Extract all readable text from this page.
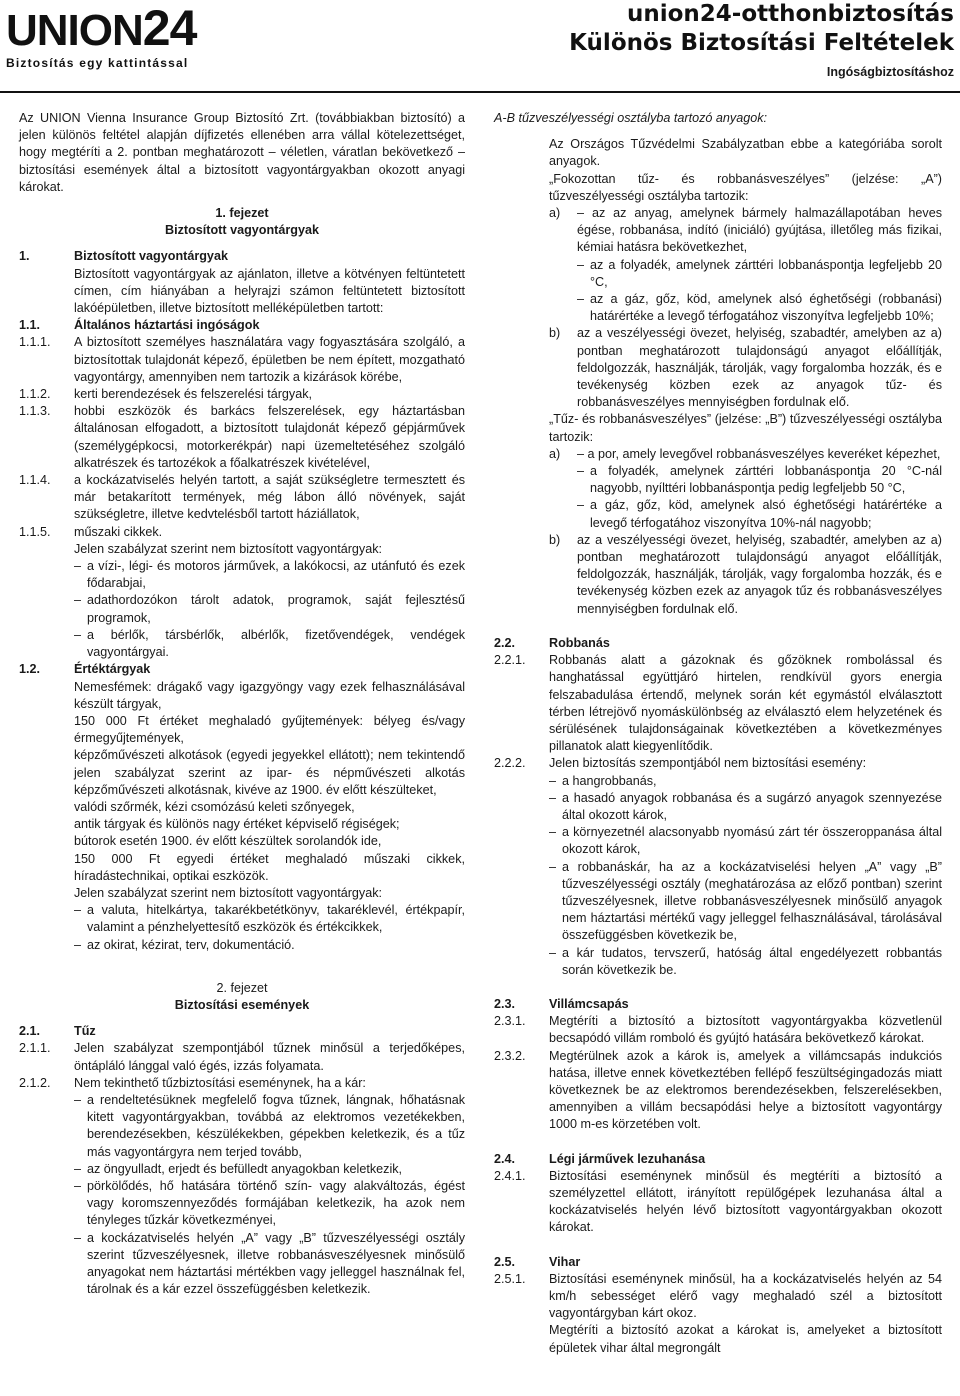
UNION24
Biztosítás egy kattintással
union24-otthonbiztosítás
Különös Biztosítási Feltételek
Ingóságbiztosításhoz

Az UNION Vienna Insurance Group Biztosító Zrt. (továbbiakban biztosító) a jelen különös feltétel alapján díjfizetés ellenében arra vállal kötelezettséget, hogy megtéríti a 2. pontban meghatározott – véletlen, váratlan bekövetkező – biztosítási események által a biztosított vagyontárgyakban okozott anyagi károkat.

1. fejezet

Biztosított vagyontárgyak

1.	Biztosított vagyontárgyak

Biztosított vagyontárgyak az ajánlaton, illetve a kötvényen feltüntetett címen, cím hiányában a helyrajzi számon feltüntetett biztosított lakóépületben, illetve biztosított melléképületben tartott:

1.1.	Általános háztartási ingóságok
1.1.1.	A biztosított személyes használatára vagy fogyasztására szolgáló, a biztosítottak tulajdonát képező, épületben be nem épített, mozgatható vagyontárgy, amennyiben nem tartozik a kizárások körébe,
1.1.2.	kerti berendezések és felszerelési tárgyak,
1.1.3.	hobbi eszközök és barkács felszerelések, egy háztartásban általánosan elfogadott, a biztosított tulajdonát képező gépjárművek (személygépkocsi, motorkerékpár) napi üzemeltetéséhez szolgáló alkatrészek és tartozékok a főalkatrészek kivételével,
1.1.4.	a kockázatviselés helyén tartott, a saját szükségletre termesztett és már betakarított termények, még lábon álló növények, saját szükségletre, illetve kedvtelésből tartott háziállatok,
1.1.5.	műszaki cikkek.

Jelen szabályzat szerint nem biztosított vagyontárgyak:

– a vízi-, légi- és motoros járművek, a lakókocsi, az utánfutó és ezek fődarabjai,
– adathordozókon tárolt adatok, programok, saját fejlesztésű programok,
– a bérlők, társbérlők, albérlők, fizetővendégek, vendégek vagyontárgyai.
1.2.	Értéktárgyak

Nemesfémek: drágakő vagy igazgyöngy vagy ezek felhasználásával készült tárgyak,

150 000 Ft értéket meghaladó gyűjtemények: bélyeg és/vagy érmegyűjtemények,

képzőművészeti alkotások (egyedi jegyekkel ellátott); nem tekintendő jelen szabályzat szerint az ipar- és népművészeti alkotás képzőművészeti alkotásnak, kivéve az 1900. év előtt készülteket,

valódi szőrmék, kézi csomózású keleti szőnyegek,

antik tárgyak és különös nagy értéket képviselő régiségek;

bútorok esetén 1900. év előtt készültek sorolandók ide,

150 000 Ft egyedi értéket meghaladó műszaki cikkek, híradástechnikai, optikai eszközök.

Jelen szabályzat szerint nem biztosított vagyontárgyak:

– a valuta, hitelkártya, takarékbetétkönyv, takaréklevél, értékpapír, valamint a pénzhelyettesítő eszközök és értékcikkek,
– az okirat, kézirat, terv, dokumentáció.

2. fejezet

Biztosítási események

2.1.	Tűz
2.1.1.	Jelen szabályzat szempontjából tűznek minősül a terjedőképes, öntápláló lánggal való égés, izzás folyamata.
2.1.2.	Nem tekinthető tűzbiztosítási eseménynek, ha a kár:
– a rendeltetésüknek megfelelő fogva tűznek, lángnak, hőhatásnak kitett vagyontárgyakban, továbbá az elektromos vezetékekben, berendezésekben, készülékekben, gépekben keletkezik, és a tűz más vagyontárgyra nem terjed tovább,
– az öngyulladt, erjedt és befülledt anyagokban keletkezik,
– pörkölődés, hő hatására történő szín- vagy alakváltozás, égést vagy koromszennyeződés formájában keletkezik, ha azok nem tényleges tűzkár következményei,
– a kockázatviselés helyén „A” vagy „B” tűzveszélyességi osztály szerint tűzveszélyesnek, illetve robbanásveszélyesnek minősülő anyagokat nem háztartási mértékben vagy jelleggel használnak fel, tárolnak és a kár ezzel összefüggésben keletkezik.

A-B tűzveszélyességi osztályba tartozó anyagok:

Az Országos Tűzvédelmi Szabályzatban ebbe a kategóriába sorolt anyagok.

„Fokozottan tűz- és robbanásveszélyes” (jelzése: „A”) tűzveszélyességi osztályba tartozik:

a)	– az az anyag, amelynek bármely halmazállapotában heves égése, robbanása, indító (iniciáló) gyújtása, illetőleg más fizikai, kémiai hatásra bekövetkezhet,
– az a folyadék, amelynek zárttéri lobbanáspontja legfeljebb 20 °C,
– az a gáz, gőz, köd, amelynek alsó éghetőségi (robbanási) határértéke a levegő térfogatához viszonyítva legfeljebb 10%;
b)	az a veszélyességi övezet, helyiség, szabadtér, amelyben az a) pontban meghatározott tulajdonságú anyagot előállítják, feldolgozzák, használják, tárolják, vagy forgalomba hozzák, és e tevékenység közben ezek az anyagok tűz- és robbanásveszélyes mennyiségben fordulnak elő.

„Tűz- és robbanásveszélyes” (jelzése: „B”) tűzveszélyességi osztályba tartozik:

a)	– a por, amely levegővel robbanásveszélyes keveréket képezhet,
– a folyadék, amelynek zárttéri lobbanáspontja 20 °C-nál nagyobb, nyílttéri lobbanáspontja pedig legfeljebb 50 °C,
– a gáz, gőz, köd, amelynek alsó éghetőségi határértéke a levegő térfogatához viszonyítva 10%-nál nagyobb;
b)	az a veszélyességi övezet, helyiség, szabadtér, amelyben az a) pontban meghatározott tulajdonságú anyagot előállítják, feldolgozzák, használják, tárolják, vagy forgalomba hozzák, és e tevékenység közben ezek az anyagok tűz és robbanásveszélyes mennyiségben fordulnak elő.
2.2.	Robbanás
2.2.1.	Robbanás alatt a gázoknak és gőzöknek rombolással és hanghatással együttjáró hirtelen, rendkívül gyors energia felszabadulása értendő, melynek során két egymástól elválasztott térben létrejövő nyomáskülönbség az elválasztó elem helyzetének és sérülésének tulajdonságainak következtében a következményes pillanatok alatt kiegyenlítődik.
2.2.2.	Jelen biztosítás szempontjából nem biztosítási esemény:
– a hangrobbanás,
– a hasadó anyagok robbanása és a sugárzó anyagok szennyezése által okozott károk,
– a környezetnél alacsonyabb nyomású zárt tér összeroppanása által okozott károk,
– a robbanáskár, ha az a kockázatviselési helyen „A” vagy „B” tűzveszélyességi osztály (meghatározása az előző pontban) szerint tűzveszélyesnek, illetve robbanásveszélyesnek minősülő anyagok nem háztartási mértékű vagy jelleggel felhasználásával, tárolásával összefüggésben következik be,
– a kár tudatos, tervszerű, hatóság által engedélyezett robbantás során következik be.
2.3.	Villámcsapás
2.3.1.	Megtéríti a biztosító a biztosított vagyontárgyakba közvetlenül becsapódó villám romboló és gyújtó hatására bekövetkező károkat.
2.3.2.	Megtérülnek azok a károk is, amelyek a villámcsapás indukciós hatása, illetve ennek következtében fellépő feszültségingadozás miatt következnek be az elektromos berendezésekben, felszerelésekben, amennyiben a villám becsapódási helye a biztosított vagyontárgy 1000 m-es körzetében volt.
2.4.	Légi járművek lezuhanása
2.4.1.	Biztosítási eseménynek minősül és megtéríti a biztosító a személyzettel ellátott, irányított repülőgépek lezuhanása által a kockázatviselés helyén lévő biztosított vagyontárgyakban okozott károkat.
2.5.	Vihar
2.5.1.	Biztosítási eseménynek minősül, ha a kockázatviselés helyén az 54 km/h sebességet elérő vagy meghaladó szél a biztosított vagyontárgyban kárt okoz.

Megtéríti a biztosító azokat a károkat is, amelyeket a biztosított épületek vihar által megrongált
